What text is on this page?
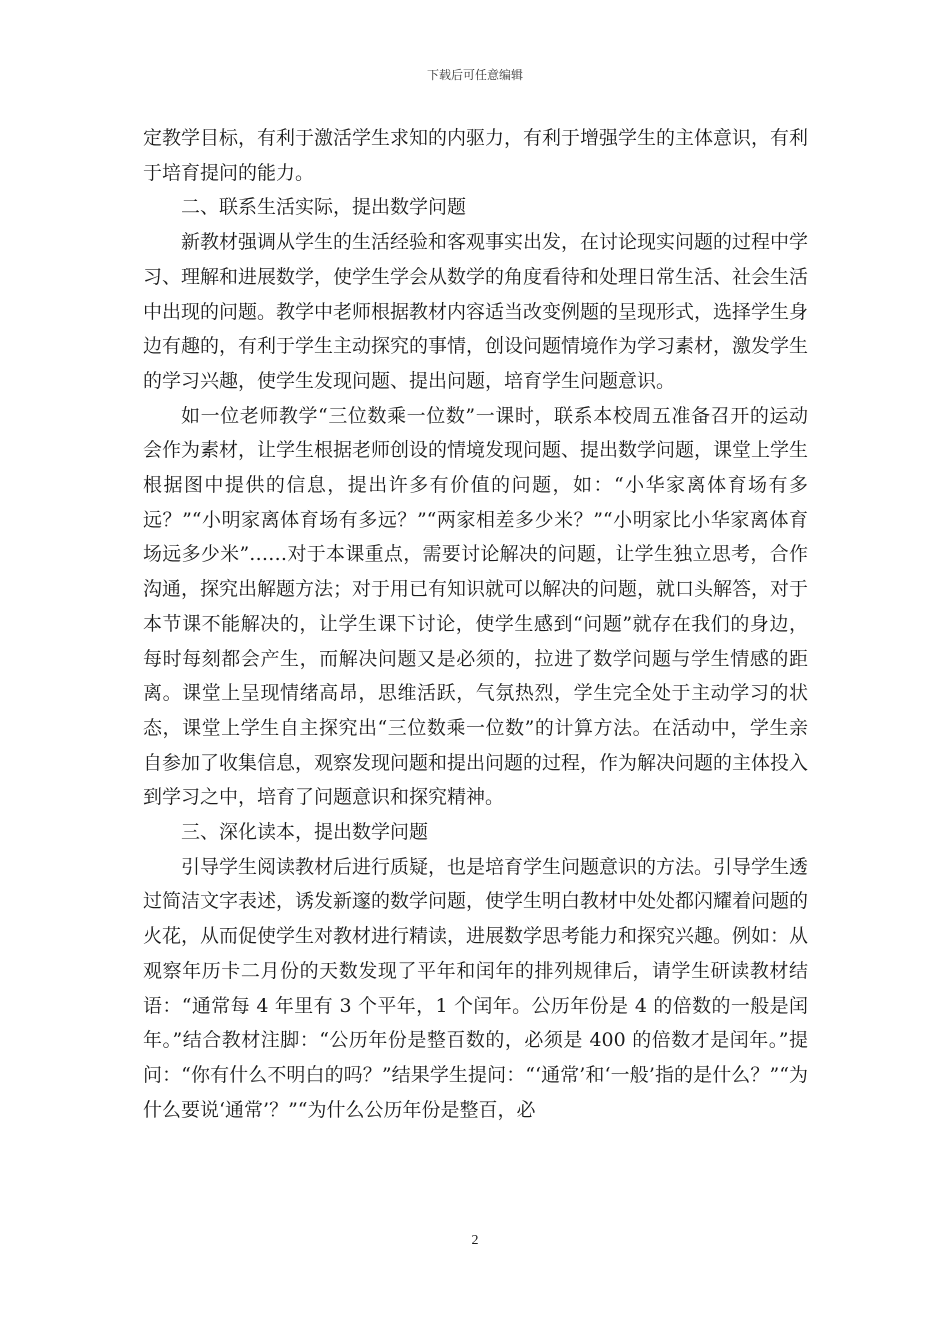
下载后可任意编辑

定教学目标，有利于激活学生求知的内驱力，有利于增强学生的主体意识，有利于培育提问的能力。

二、联系生活实际，提出数学问题

新教材强调从学生的生活经验和客观事实出发，在讨论现实问题的过程中学习、理解和进展数学，使学生学会从数学的角度看待和处理日常生活、社会生活中出现的问题。教学中老师根据教材内容适当改变例题的呈现形式，选择学生身边有趣的，有利于学生主动探究的事情，创设问题情境作为学习素材，激发学生的学习兴趣，使学生发现问题、提出问题，培育学生问题意识。

如一位老师教学“三位数乘一位数”一课时，联系本校周五准备召开的运动会作为素材，让学生根据老师创设的情境发现问题、提出数学问题，课堂上学生根据图中提供的信息，提出许多有价值的问题，如：“小华家离体育场有多远？”“小明家离体育场有多远？”“两家相差多少米？”“小明家比小华家离体育场远多少米”……对于本课重点，需要讨论解决的问题，让学生独立思考，合作沟通，探究出解题方法；对于用已有知识就可以解决的问题，就口头解答，对于本节课不能解决的，让学生课下讨论，使学生感到“问题”就存在我们的身边，每时每刻都会产生，而解决问题又是必须的，拉进了数学问题与学生情感的距离。课堂上呈现情绪高昂，思维活跃，气氛热烈，学生完全处于主动学习的状态，课堂上学生自主探究出“三位数乘一位数”的计算方法。在活动中，学生亲自参加了收集信息，观察发现问题和提出问题的过程，作为解决问题的主体投入到学习之中，培育了问题意识和探究精神。

三、深化读本，提出数学问题

引导学生阅读教材后进行质疑，也是培育学生问题意识的方法。引导学生透过简洁文字表述，诱发新邃的数学问题，使学生明白教材中处处都闪耀着问题的火花，从而促使学生对教材进行精读，进展数学思考能力和探究兴趣。例如：从观察年历卡二月份的天数发现了平年和闰年的排列规律后，请学生研读教材结语：“通常每 4 年里有 3 个平年，1 个闰年。公历年份是 4 的倍数的一般是闰年。”结合教材注脚：“公历年份是整百数的，必须是 400 的倍数才是闰年。”提问：“你有什么不明白的吗？”结果学生提问：“‘通常’和‘一般’指的是什么？”“为什么要说‘通常’？”“为什么公历年份是整百，必

2
